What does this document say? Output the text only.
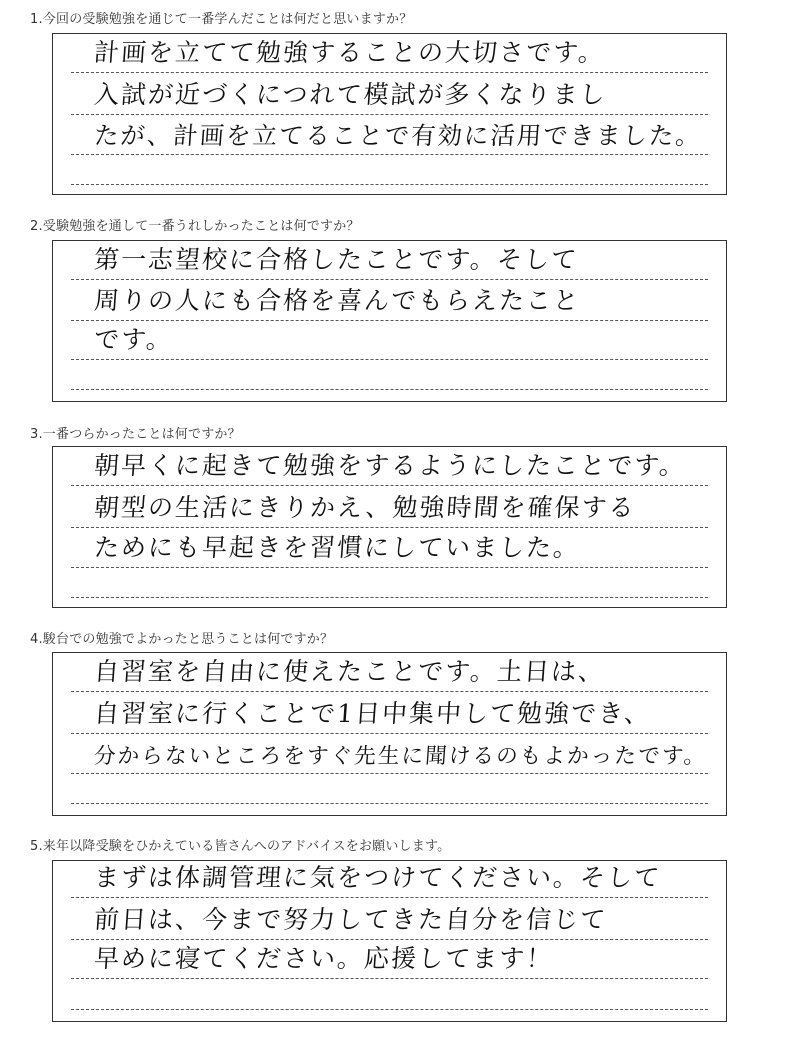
1.今回の受験勉強を通じて一番学んだことは何だと思いますか？
計画を立てて勉強することの大切さです。
入試が近づくにつれて模試が多くなりまし
たが、計画を立てることで有効に活用できました。
2.受験勉強を通して一番うれしかったことは何ですか？
第一志望校に合格したことです。そして
周りの人にも合格を喜んでもらえたこと
です。
3.一番つらかったことは何ですか？
朝早くに起きて勉強をするようにしたことです。
朝型の生活にきりかえ、勉強時間を確保する
ためにも早起きを習慣にしていました。
4.駿台での勉強でよかったと思うことは何ですか？
自習室を自由に使えたことです。土日は、
自習室に行くことで1日中集中して勉強でき、
分からないところをすぐ先生に聞けるのもよかったです。
5.来年以降受験をひかえている皆さんへのアドバイスをお願いします。
まずは体調管理に気をつけてください。そして
前日は、今まで努力してきた自分を信じて
早めに寝てください。応援してます！
